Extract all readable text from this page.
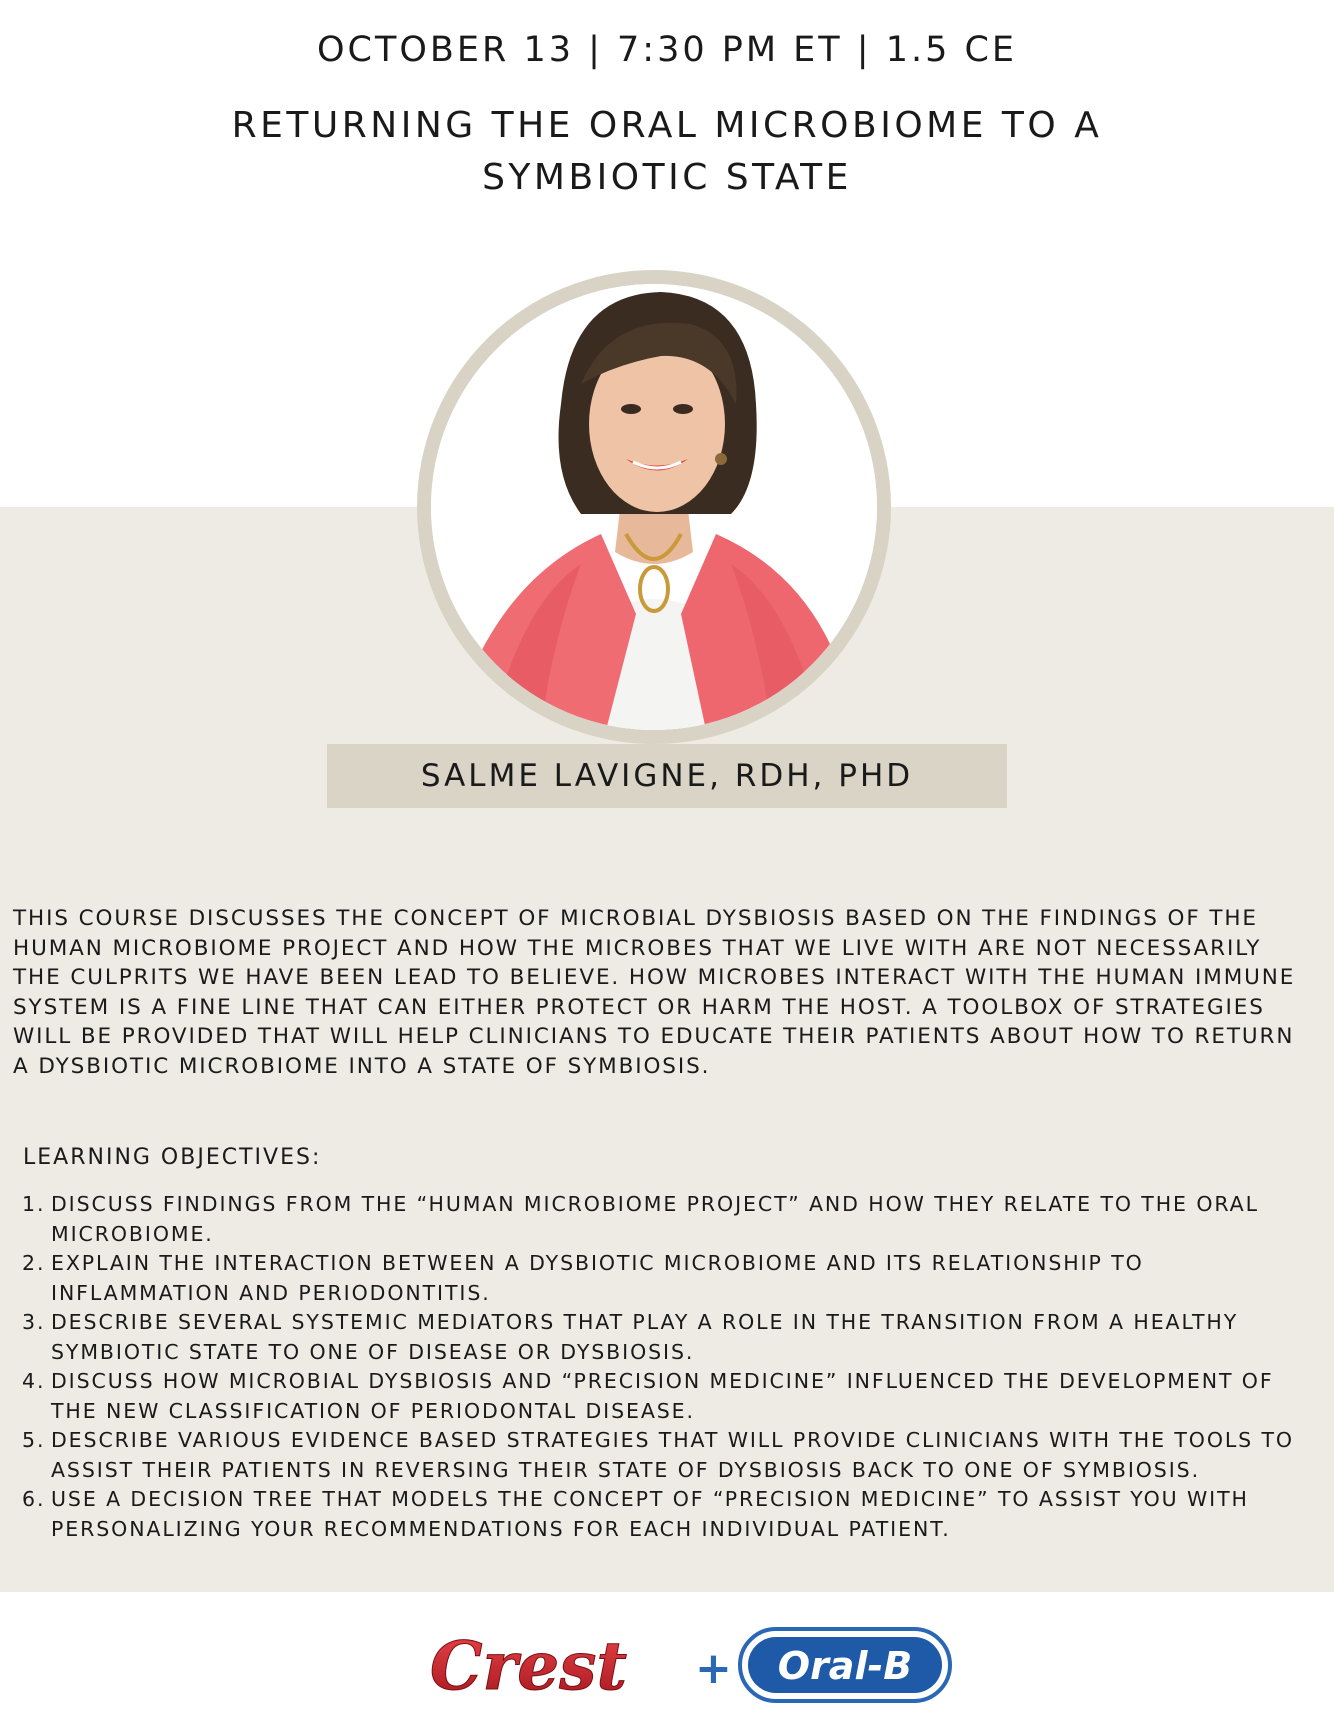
OCTOBER 13 | 7:30 PM ET | 1.5 CE
RETURNING THE ORAL MICROBIOME TO A SYMBIOTIC STATE
SALME LAVIGNE, RDH, PHD
THIS COURSE DISCUSSES THE CONCEPT OF MICROBIAL DYSBIOSIS BASED ON THE FINDINGS OF THE HUMAN MICROBIOME PROJECT AND HOW THE MICROBES THAT WE LIVE WITH ARE NOT NECESSARILY THE CULPRITS WE HAVE BEEN LEAD TO BELIEVE. HOW MICROBES INTERACT WITH THE HUMAN IMMUNE SYSTEM IS A FINE LINE THAT CAN EITHER PROTECT OR HARM THE HOST. A TOOLBOX OF STRATEGIES WILL BE PROVIDED THAT WILL HELP CLINICIANS TO EDUCATE THEIR PATIENTS ABOUT HOW TO RETURN A DYSBIOTIC MICROBIOME INTO A STATE OF SYMBIOSIS.
LEARNING OBJECTIVES:
1. DISCUSS FINDINGS FROM THE “HUMAN MICROBIOME PROJECT” AND HOW THEY RELATE TO THE ORAL MICROBIOME.
2. EXPLAIN THE INTERACTION BETWEEN A DYSBIOTIC MICROBIOME AND ITS RELATIONSHIP TO INFLAMMATION AND PERIODONTITIS.
3. DESCRIBE SEVERAL SYSTEMIC MEDIATORS THAT PLAY A ROLE IN THE TRANSITION FROM A HEALTHY SYMBIOTIC STATE TO ONE OF DISEASE OR DYSBIOSIS.
4. DISCUSS HOW MICROBIAL DYSBIOSIS AND “PRECISION MEDICINE” INFLUENCED THE DEVELOPMENT OF THE NEW CLASSIFICATION OF PERIODONTAL DISEASE.
5. DESCRIBE VARIOUS EVIDENCE BASED STRATEGIES THAT WILL PROVIDE CLINICIANS WITH THE TOOLS TO ASSIST THEIR PATIENTS IN REVERSING THEIR STATE OF DYSBIOSIS BACK TO ONE OF SYMBIOSIS.
6. USE A DECISION TREE THAT MODELS THE CONCEPT OF “PRECISION MEDICINE” TO ASSIST YOU WITH PERSONALIZING YOUR RECOMMENDATIONS FOR EACH INDIVIDUAL PATIENT.
Crest + Oral-B
